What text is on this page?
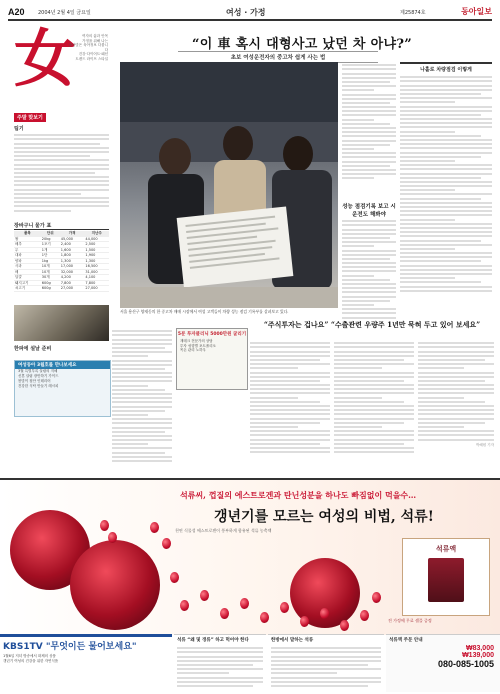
A20	2004년 2월 4일 금요일	여성 · 가정	제25874호	동아일보
女	여자의 삶과 안목
가정을 위해 나는
출산맞은 육아정보 다룹니다
건강·다이어트·패션
트렌드 라이프 스타일
주말 맞보기
팀기
장바구니 물가 표
품목	단위	가격	지난주
쌀	20kg	45,000	44,000
배추	1포기	2,400	2,500
무	1개	1,600	1,500
대파	1단	1,800	1,900
양파	1kg	1,300	1,300
사과	10개	17,000	16,500
배	10개	32,000	31,000
달걀	30개	4,200	4,100
돼지고기	600g	7,800	7,800
쇠고기	600g	27,000	27,000
한파에 설날 준비
여성동아 3월호를 만나보세요
3월 특별부록 살림의 지혜
신혼 살림 장만하기 가이드
봄맞이 집안 인테리어
건강한 식탁 만들기 레시피
“이 車 혹시 대형사고 났던 차 아냐?”
초보 여성운전자의 중고차 쉽게 사는 법
서울 용산구 양재동의 한 중고차 매매 시장에서 여성 고객들이 차량 성능 점검 기록부를 살펴보고 있다.
나홀로 차량점검 이렇게
성능 점검기록 보고 시운전도 해봐야
“주식투자는 겁나요” “수출관련 우량주 1년만 묵혀 두고 있어 보세요”
5분 투자클리닉 5000만원 굴리기
재테크 전문가의 상담
투자 성향별 포트폴리오
목돈 관리 노하우
박혜원 기자
석류씨, 껍질의 에스트로겐과 탄닌성분을 하나도 빠짐없이 먹을수…
갱년기를 모르는 여성의 비법, 석류!
천연 식물성 에스트로겐이 풍부하게 함유된 석류 농축액
석류액
전 가정에 무료 샘플 증정
KBS1TV "무엇이든 물어보세요"
1월6일 저녁 방송에서 화제의 상품
갱년기 여성의 건강을 위한 자연식품
석류 “왜 및 갱류” 하고 먹어야 한다	한방에서 말하는 석류	석류액 주문 안내
₩83,000
₩139,000
080-085-1005
